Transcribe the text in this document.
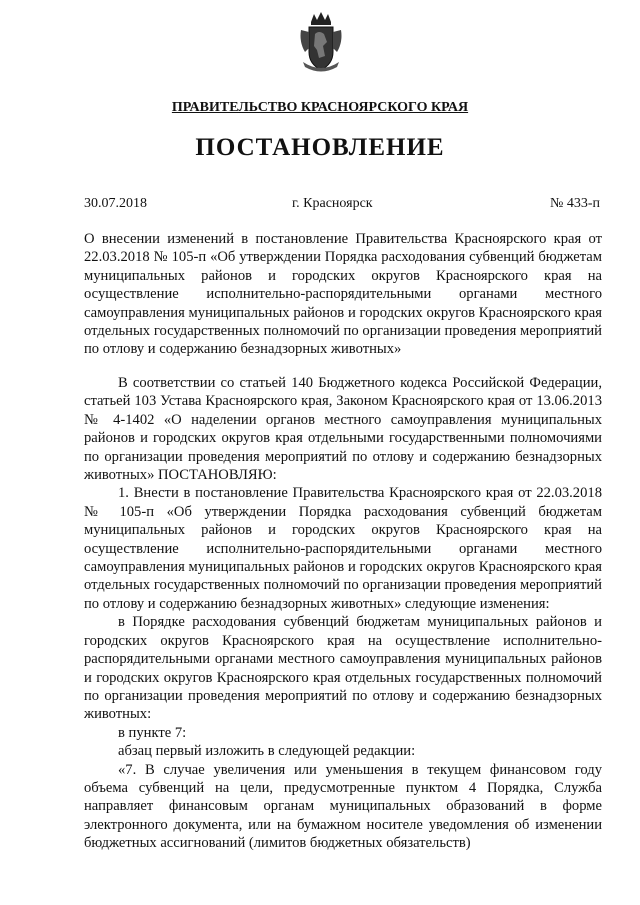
ПРАВИТЕЛЬСТВО КРАСНОЯРСКОГО КРАЯ
ПОСТАНОВЛЕНИЕ
30.07.2018	г. Красноярск	№ 433-п

О внесении изменений в постановление Правительства Красноярского края от 22.03.2018 № 105-п «Об утверждении Порядка расходования субвенций бюджетам муниципальных районов и городских округов Красноярского края на осуществление исполнительно-распорядительными органами местного самоуправления муниципальных районов и городских округов Красноярского края отдельных государственных полномочий по организации проведения мероприятий по отлову и содержанию безнадзорных животных»

В соответствии со статьей 140 Бюджетного кодекса Российской Федерации, статьей 103 Устава Красноярского края, Законом Красноярского края от 13.06.2013 № 4-1402 «О наделении органов местного самоуправления муниципальных районов и городских округов края отдельными государственными полномочиями по организации проведения мероприятий по отлову и содержанию безнадзорных животных» ПОСТАНОВЛЯЮ:

1. Внести в постановление Правительства Красноярского края от 22.03.2018 № 105-п «Об утверждении Порядка расходования субвенций бюджетам муниципальных районов и городских округов Красноярского края на осуществление исполнительно-распорядительными органами местного самоуправления муниципальных районов и городских округов Красноярского края отдельных государственных полномочий по организации проведения мероприятий по отлову и содержанию безнадзорных животных» следующие изменения:

в Порядке расходования субвенций бюджетам муниципальных районов и городских округов Красноярского края на осуществление исполнительно-распорядительными органами местного самоуправления муниципальных районов и городских округов Красноярского края отдельных государственных полномочий по организации проведения мероприятий по отлову и содержанию безнадзорных животных:

в пункте 7:

абзац первый изложить в следующей редакции:

«7. В случае увеличения или уменьшения в текущем финансовом году объема субвенций на цели, предусмотренные пунктом 4 Порядка, Служба направляет финансовым органам муниципальных образований в форме электронного документа, или на бумажном носителе уведомления об изменении бюджетных ассигнований (лимитов бюджетных обязательств)
